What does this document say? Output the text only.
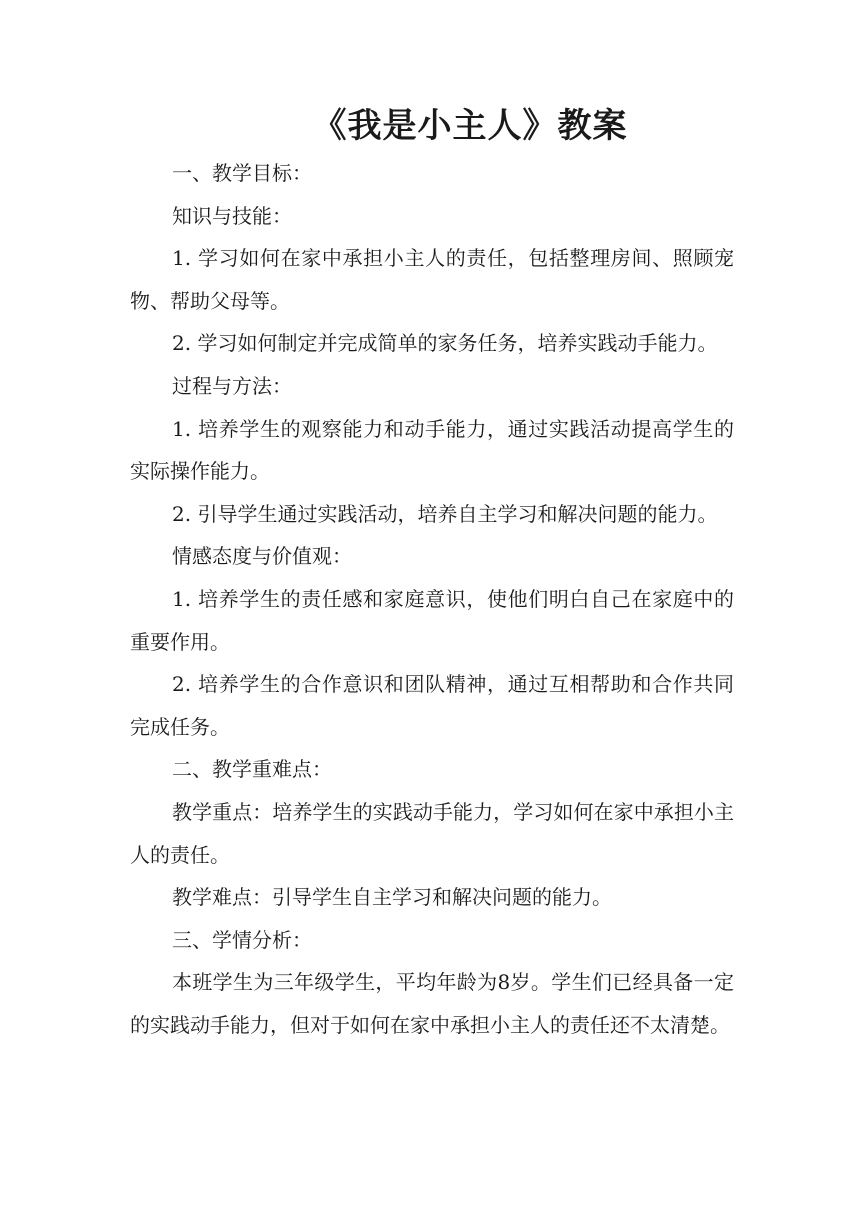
《我是小主人》教案

一、教学目标：

知识与技能：

1. 学习如何在家中承担小主人的责任，包括整理房间、照顾宠物、帮助父母等。

2. 学习如何制定并完成简单的家务任务，培养实践动手能力。

过程与方法：

1. 培养学生的观察能力和动手能力，通过实践活动提高学生的实际操作能力。

2. 引导学生通过实践活动，培养自主学习和解决问题的能力。

情感态度与价值观：

1. 培养学生的责任感和家庭意识，使他们明白自己在家庭中的重要作用。

2. 培养学生的合作意识和团队精神，通过互相帮助和合作共同完成任务。

二、教学重难点：

教学重点：培养学生的实践动手能力，学习如何在家中承担小主人的责任。

教学难点：引导学生自主学习和解决问题的能力。

三、学情分析：

本班学生为三年级学生，平均年龄为8岁。学生们已经具备一定的实践动手能力，但对于如何在家中承担小主人的责任还不太清楚。
